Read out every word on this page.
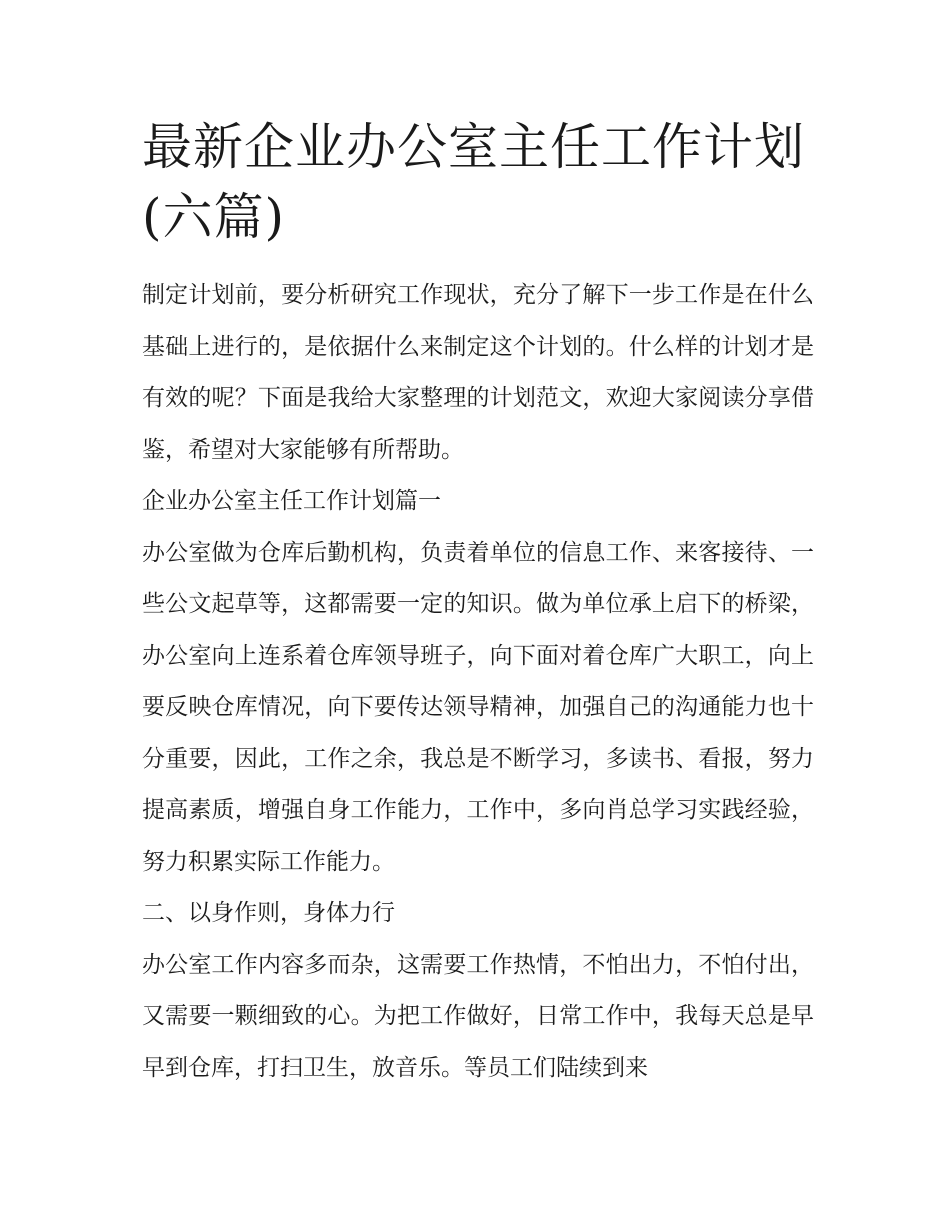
最新企业办公室主任工作计划(六篇)

制定计划前，要分析研究工作现状，充分了解下一步工作是在什么基础上进行的，是依据什么来制定这个计划的。什么样的计划才是有效的呢？下面是我给大家整理的计划范文，欢迎大家阅读分享借鉴，希望对大家能够有所帮助。

企业办公室主任工作计划篇一

办公室做为仓库后勤机构，负责着单位的信息工作、来客接待、一些公文起草等，这都需要一定的知识。做为单位承上启下的桥梁，办公室向上连系着仓库领导班子，向下面对着仓库广大职工，向上要反映仓库情况，向下要传达领导精神，加强自己的沟通能力也十分重要，因此，工作之余，我总是不断学习，多读书、看报，努力提高素质，增强自身工作能力，工作中，多向肖总学习实践经验，努力积累实际工作能力。

二、以身作则，身体力行

办公室工作内容多而杂，这需要工作热情，不怕出力，不怕付出，又需要一颗细致的心。为把工作做好，日常工作中，我每天总是早早到仓库，打扫卫生，放音乐。等员工们陆续到来
